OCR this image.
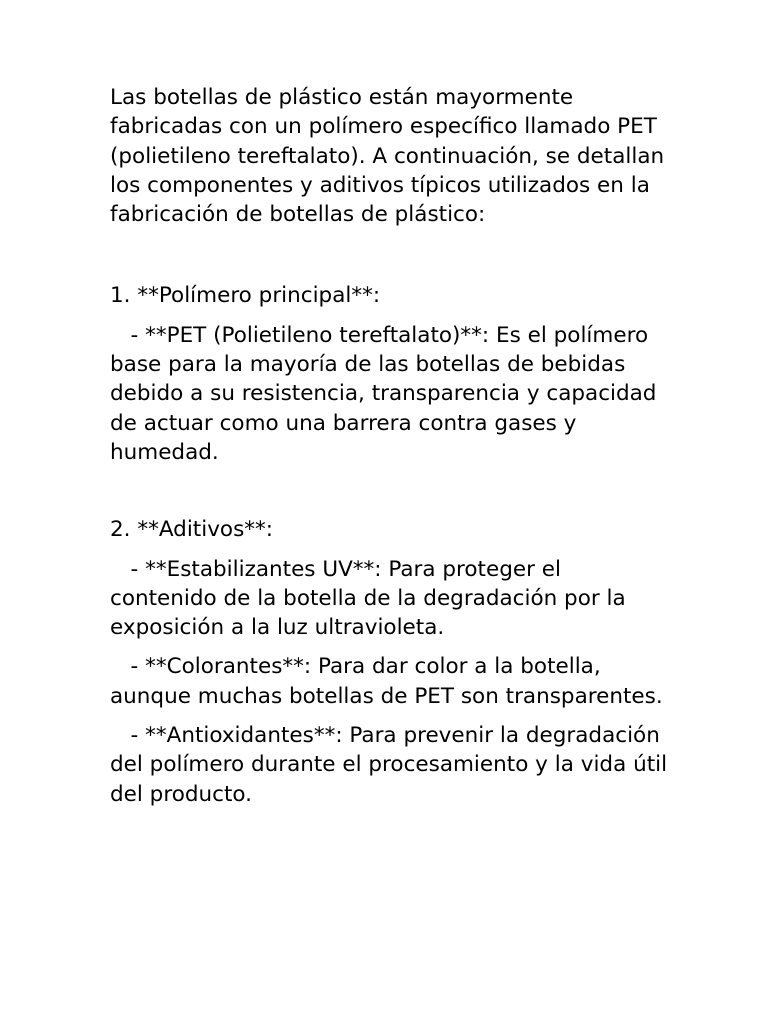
Las botellas de plástico están mayormente fabricadas con un polímero específico llamado PET (polietileno tereftalato). A continuación, se detallan los componentes y aditivos típicos utilizados en la fabricación de botellas de plástico:

1. **Polímero principal**:

- **PET (Polietileno tereftalato)**: Es el polímero base para la mayoría de las botellas de bebidas debido a su resistencia, transparencia y capacidad de actuar como una barrera contra gases y humedad.

2. **Aditivos**:

- **Estabilizantes UV**: Para proteger el contenido de la botella de la degradación por la exposición a la luz ultravioleta.

- **Colorantes**: Para dar color a la botella, aunque muchas botellas de PET son transparentes.

- **Antioxidantes**: Para prevenir la degradación del polímero durante el procesamiento y la vida útil del producto.
